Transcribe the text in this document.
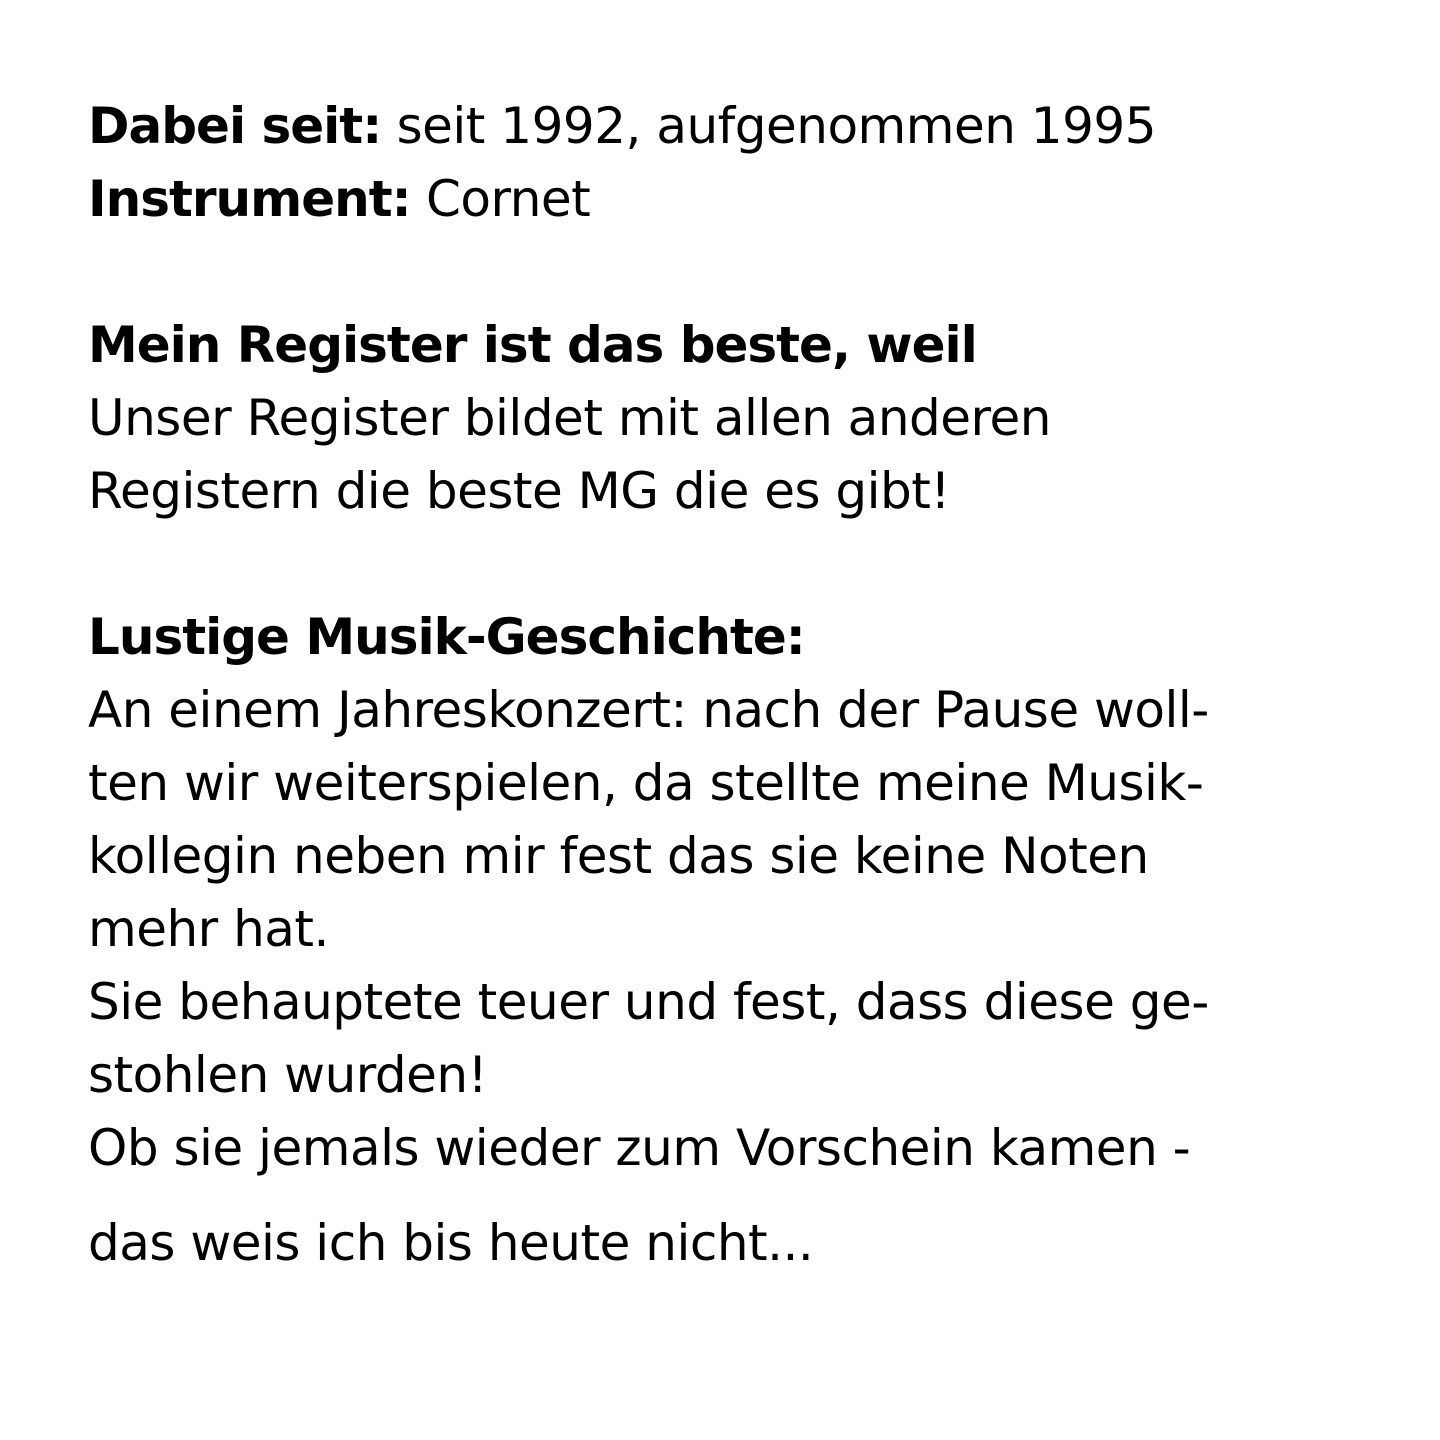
Dabei seit: seit 1992, aufgenommen 1995
Instrument: Cornet
Mein Register ist das beste, weil
Unser Register bildet mit allen anderen
Registern die beste MG die es gibt!
Lustige Musik-Geschichte:
An einem Jahreskonzert: nach der Pause woll-
ten wir weiterspielen, da stellte meine Musik-
kollegin neben mir fest das sie keine Noten
mehr hat.
Sie behauptete teuer und fest, dass diese ge-
stohlen wurden!
Ob sie jemals wieder zum Vorschein kamen -
das weis ich bis heute nicht...
